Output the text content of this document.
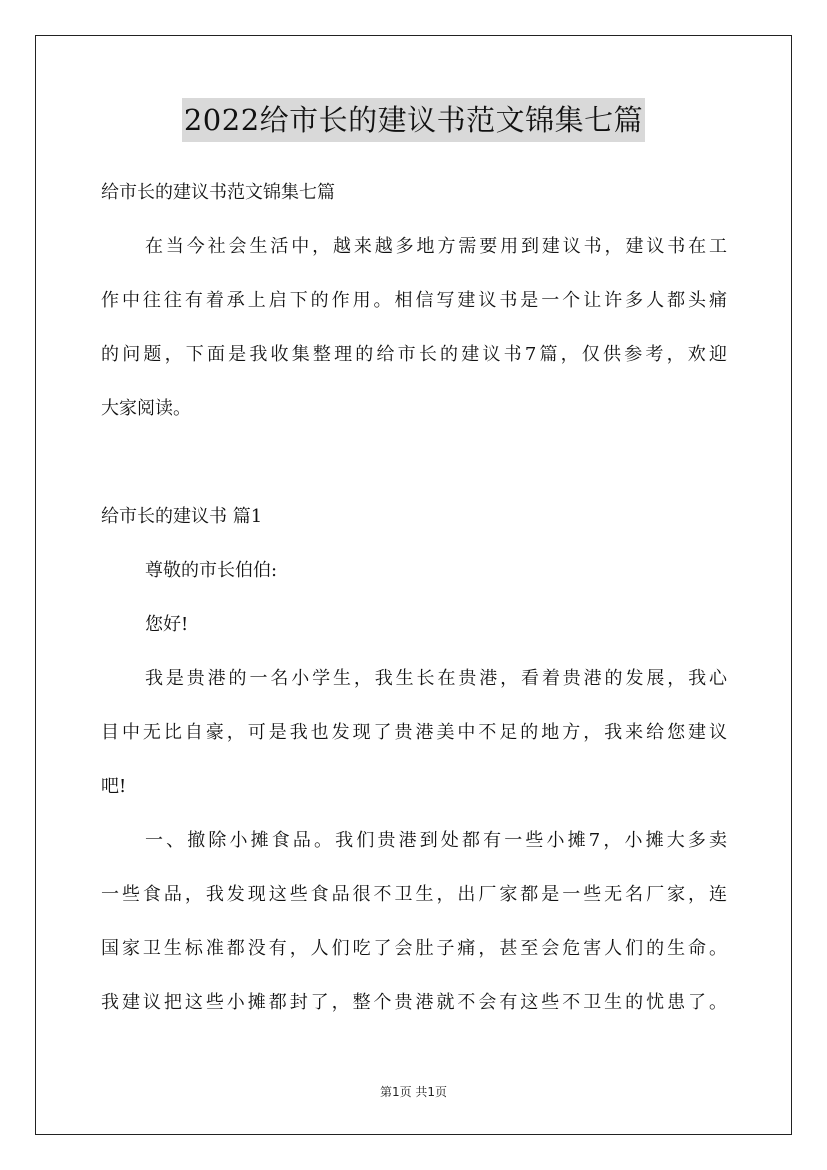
2022给市长的建议书范文锦集七篇
给市长的建议书范文锦集七篇
在当今社会生活中，越来越多地方需要用到建议书，建议书在工
作中往往有着承上启下的作用。相信写建议书是一个让许多人都头痛
的问题，下面是我收集整理的给市长的建议书7篇，仅供参考，欢迎
大家阅读。
给市长的建议书 篇1
尊敬的市长伯伯:
您好!
我是贵港的一名小学生，我生长在贵港，看着贵港的发展，我心
目中无比自豪，可是我也发现了贵港美中不足的地方，我来给您建议
吧!
一、撤除小摊食品。我们贵港到处都有一些小摊7，小摊大多卖
一些食品，我发现这些食品很不卫生，出厂家都是一些无名厂家，连
国家卫生标准都没有，人们吃了会肚子痛，甚至会危害人们的生命。
我建议把这些小摊都封了，整个贵港就不会有这些不卫生的忧患了。
第1页 共1页
